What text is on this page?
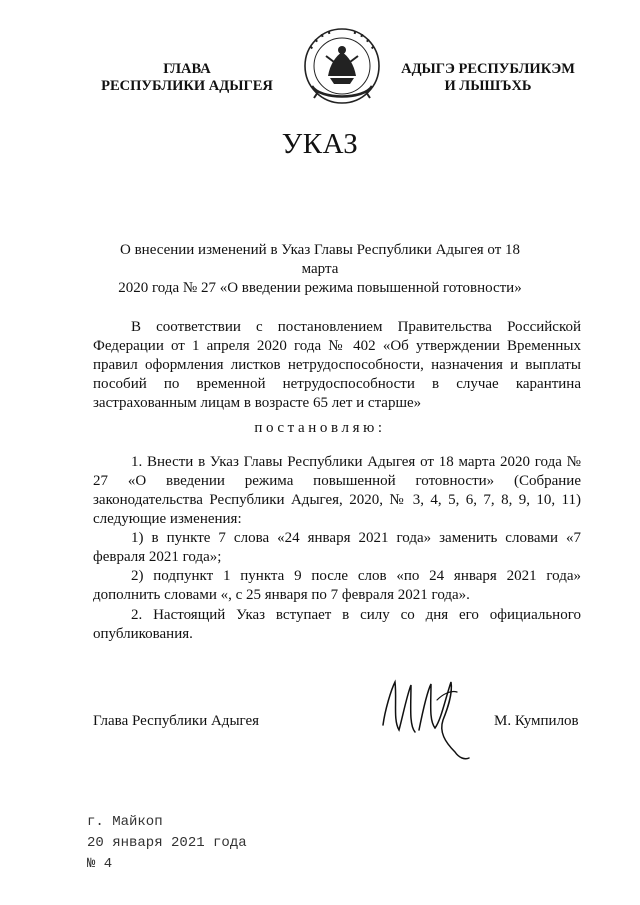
ГЛАВА
РЕСПУБЛИКИ АДЫГЕЯ
АДЫГЭ РЕСПУБЛИКЭМ
И ЛЫШЪХЬ
УКАЗ
О внесении изменений в Указ Главы Республики Адыгея от 18 марта
2020 года № 27 «О введении режима повышенной готовности»
В соответствии с постановлением Правительства Российской Федерации от 1 апреля 2020 года № 402 «Об утверждении Временных правил оформления листков нетрудоспособности, назначения и выплаты пособий по временной нетрудоспособности в случае карантина застрахованным лицам в возрасте 65 лет и старше»
постановляю:
1. Внести в Указ Главы Республики Адыгея от 18 марта 2020 года № 27 «О введении режима повышенной готовности» (Собрание законодательства Республики Адыгея, 2020, № 3, 4, 5, 6, 7, 8, 9, 10, 11) следующие изменения:
1) в пункте 7 слова «24 января 2021 года» заменить словами «7 февраля 2021 года»;
2) подпункт 1 пункта 9 после слов «по 24 января 2021 года» дополнить словами «, с 25 января по 7 февраля 2021 года».
2. Настоящий Указ вступает в силу со дня его официального опубликования.
Глава Республики Адыгея	М. Кумпилов
г. Майкоп
20 января 2021 года
№ 4
